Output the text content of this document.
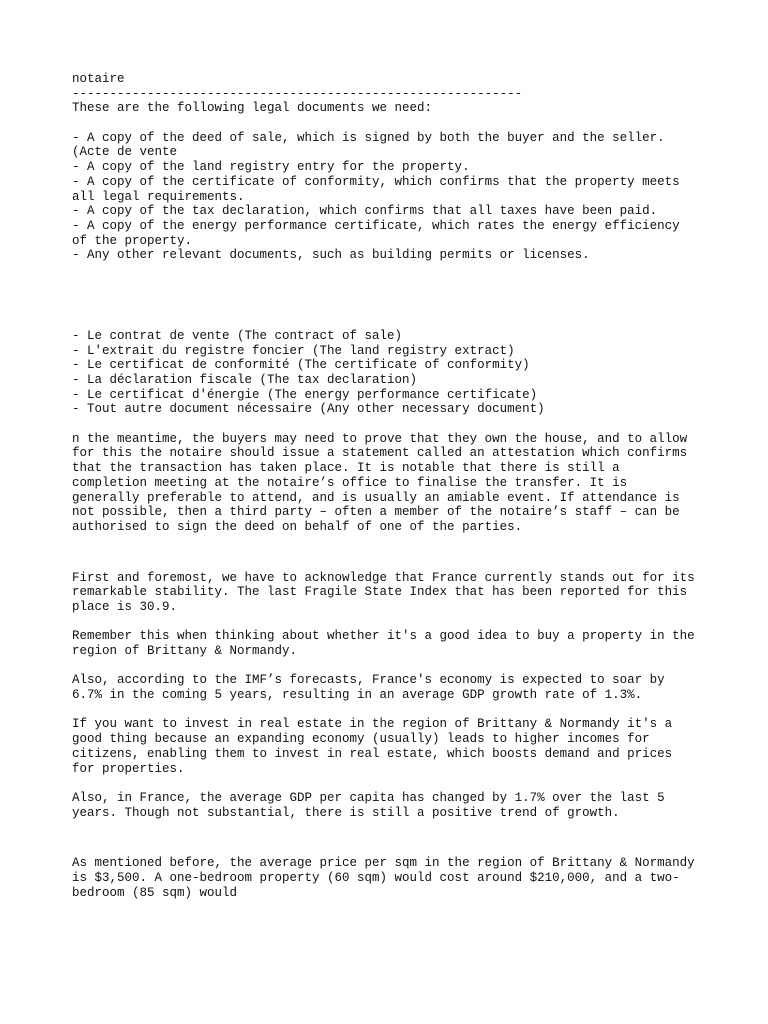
notaire
------------------------------------------------------------
These are the following legal documents we need:
- A copy of the deed of sale, which is signed by both the buyer and the seller.
(Acte de vente
- A copy of the land registry entry for the property.
- A copy of the certificate of conformity, which confirms that the property meets
all legal requirements.
- A copy of the tax declaration, which confirms that all taxes have been paid.
- A copy of the energy performance certificate, which rates the energy efficiency
of the property.
- Any other relevant documents, such as building permits or licenses.
- Le contrat de vente (The contract of sale)
- L'extrait du registre foncier (The land registry extract)
- Le certificat de conformité (The certificate of conformity)
- La déclaration fiscale (The tax declaration)
- Le certificat d'énergie (The energy performance certificate)
- Tout autre document nécessaire (Any other necessary document)
n the meantime, the buyers may need to prove that they own the house, and to allow
for this the notaire should issue a statement called an attestation which confirms
that the transaction has taken place. It is notable that there is still a
completion meeting at the notaire’s office to finalise the transfer. It is
generally preferable to attend, and is usually an amiable event. If attendance is
not possible, then a third party – often a member of the notaire’s staff – can be
authorised to sign the deed on behalf of one of the parties.
First and foremost, we have to acknowledge that France currently stands out for its
remarkable stability. The last Fragile State Index that has been reported for this
place is 30.9.
Remember this when thinking about whether it's a good idea to buy a property in the
region of Brittany & Normandy.
Also, according to the IMF’s forecasts, France's economy is expected to soar by
6.7% in the coming 5 years, resulting in an average GDP growth rate of 1.3%.
If you want to invest in real estate in the region of Brittany & Normandy it's a
good thing because an expanding economy (usually) leads to higher incomes for
citizens, enabling them to invest in real estate, which boosts demand and prices
for properties.
Also, in France, the average GDP per capita has changed by 1.7% over the last 5
years. Though not substantial, there is still a positive trend of growth.
As mentioned before, the average price per sqm in the region of Brittany & Normandy
is $3,500. A one-bedroom property (60 sqm) would cost around $210,000, and a two-
bedroom (85 sqm) would
